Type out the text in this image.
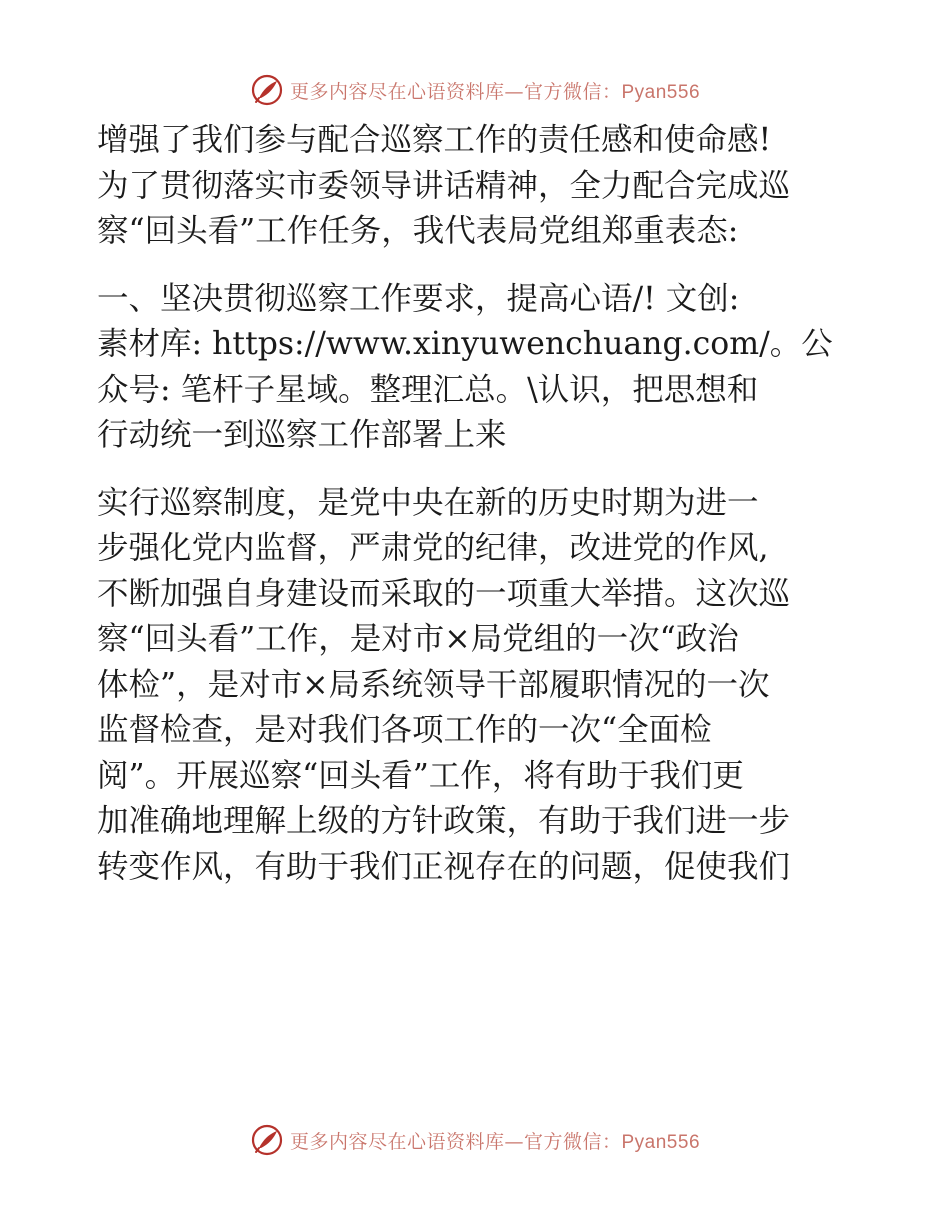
更多内容尽在心语资料库—官方微信：Pyan556

增强了我们参与配合巡察工作的责任感和使命感!
为了贯彻落实市委领导讲话精神，全力配合完成巡
察“回头看”工作任务，我代表局党组郑重表态:

一、坚决贯彻巡察工作要求，提高心语/! 文创:
素材库: https://www.xinyuwenchuang.com/。公
众号: 笔杆子星域。整理汇总。\认识，把思想和
行动统一到巡察工作部署上来

实行巡察制度，是党中央在新的历史时期为进一
步强化党内监督，严肃党的纪律，改进党的作风,
不断加强自身建设而采取的一项重大举措。这次巡
察“回头看”工作，是对市×局党组的一次“政治
体检”，是对市×局系统领导干部履职情况的一次
监督检查，是对我们各项工作的一次“全面检
阅”。开展巡察“回头看”工作，将有助于我们更
加准确地理解上级的方针政策，有助于我们进一步
转变作风，有助于我们正视存在的问题，促使我们

更多内容尽在心语资料库—官方微信：Pyan556
